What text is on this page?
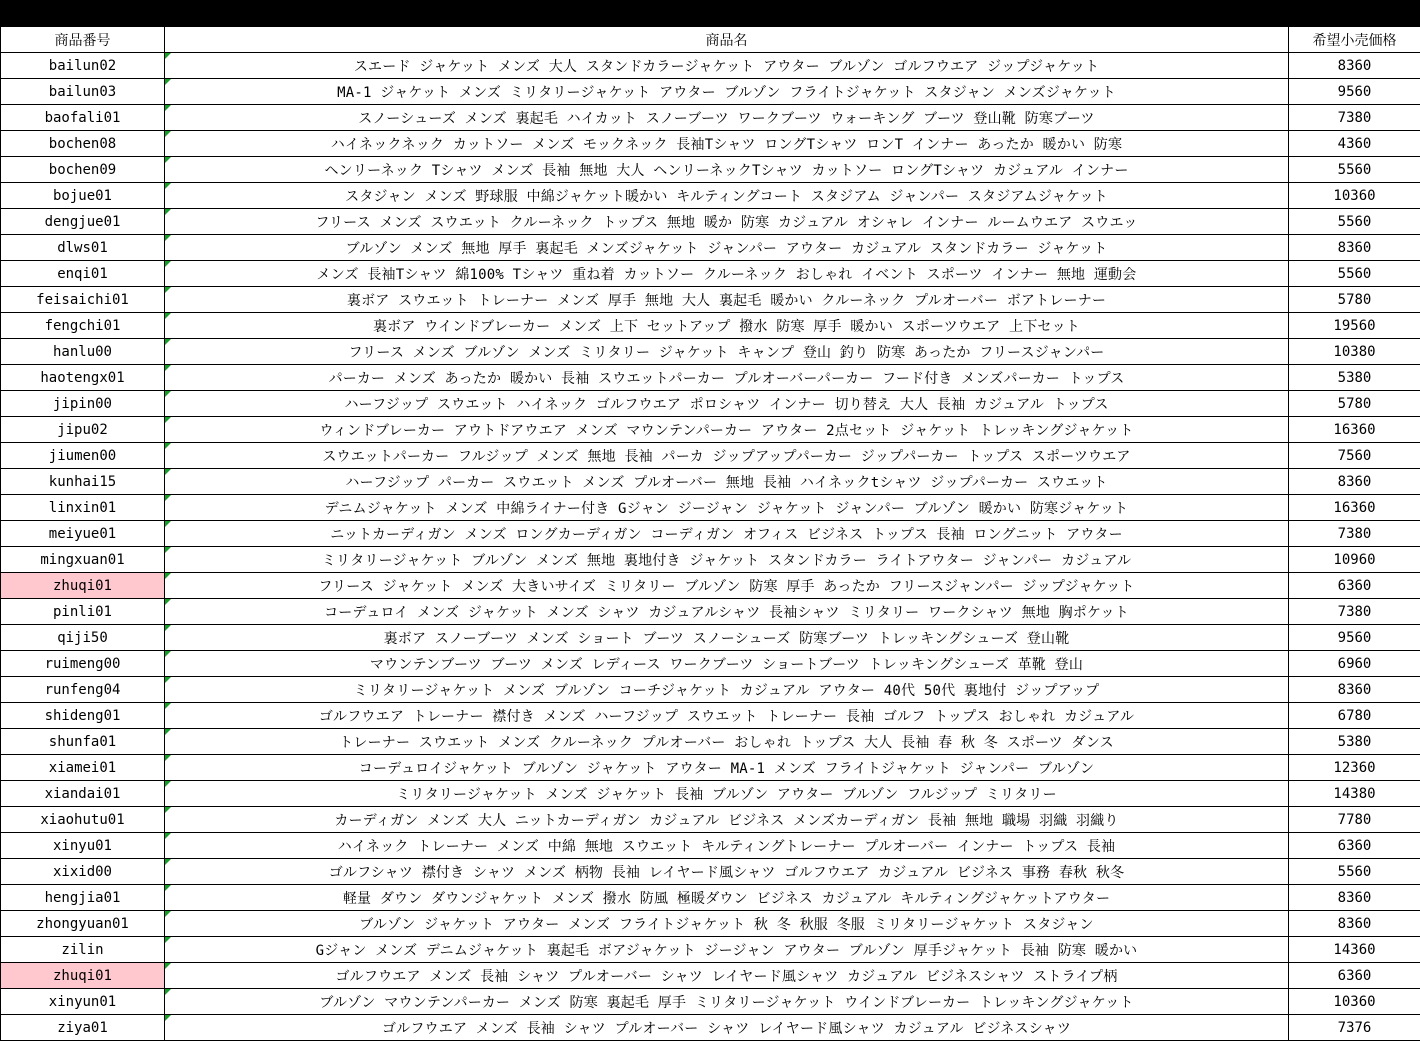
商品カタログ		
商品番号	商品名	希望小売価格
bailun02	スエード ジャケット メンズ 大人 スタンドカラージャケット アウター ブルゾン ゴルフウエア ジップジャケット	8360
bailun03	MA-1 ジャケット メンズ ミリタリージャケット アウター ブルゾン フライトジャケット スタジャン メンズジャケット	9560
baofali01	スノーシューズ メンズ 裏起毛 ハイカット スノーブーツ ワークブーツ ウォーキング ブーツ 登山靴 防寒ブーツ	7380
bochen08	ハイネックネック カットソー メンズ モックネック 長袖Tシャツ ロングTシャツ ロンT インナー あったか 暖かい 防寒	4360
bochen09	ヘンリーネック Tシャツ メンズ 長袖 無地 大人 ヘンリーネックTシャツ カットソー ロングTシャツ カジュアル インナー	5560
bojue01	スタジャン メンズ 野球服 中綿ジャケット暖かい キルティングコート スタジアム ジャンパー スタジアムジャケット	10360
dengjue01	フリース メンズ スウエット クルーネック トップス 無地 暖か 防寒 カジュアル オシャレ インナー ルームウエア スウエッ	5560
dlws01	ブルゾン メンズ 無地 厚手 裏起毛 メンズジャケット ジャンパー アウター カジュアル スタンドカラー ジャケット	8360
enqi01	メンズ 長袖Tシャツ 綿100% Tシャツ 重ね着 カットソー クルーネック おしゃれ イベント スポーツ インナー 無地 運動会	5560
feisaichi01	裏ボア スウエット トレーナー メンズ 厚手 無地 大人 裏起毛 暖かい クルーネック プルオーバー ボアトレーナー	5780
fengchi01	裏ボア ウインドブレーカー メンズ 上下 セットアップ 撥水 防寒 厚手 暖かい スポーツウエア 上下セット	19560
hanlu00	フリース メンズ ブルゾン メンズ ミリタリー ジャケット キャンプ 登山 釣り 防寒 あったか フリースジャンパー	10380
haotengx01	パーカー メンズ あったか 暖かい 長袖 スウエットパーカー プルオーバーパーカー フード付き メンズパーカー トップス	5380
jipin00	ハーフジップ スウエット ハイネック ゴルフウエア ポロシャツ インナー 切り替え 大人 長袖 カジュアル トップス	5780
jipu02	ウィンドブレーカー アウトドアウエア メンズ マウンテンパーカー アウター 2点セット ジャケット トレッキングジャケット	16360
jiumen00	スウエットパーカー フルジップ メンズ 無地 長袖 パーカ ジップアップパーカー ジップパーカー トップス スポーツウエア	7560
kunhai15	ハーフジップ パーカー スウエット メンズ プルオーバー 無地 長袖 ハイネックtシャツ ジップパーカー スウエット	8360
linxin01	デニムジャケット メンズ 中綿ライナー付き Gジャン ジージャン ジャケット ジャンパー ブルゾン 暖かい 防寒ジャケット	16360
meiyue01	ニットカーディガン メンズ ロングカーディガン コーディガン オフィス ビジネス トップス 長袖 ロングニット アウター	7380
mingxuan01	ミリタリージャケット ブルゾン メンズ 無地 裏地付き ジャケット スタンドカラー ライトアウター ジャンパー カジュアル	10960
zhuqi01	フリース ジャケット メンズ 大きいサイズ ミリタリー ブルゾン 防寒 厚手 あったか フリースジャンパー ジップジャケット	6360
pinli01	コーデュロイ メンズ ジャケット メンズ シャツ カジュアルシャツ 長袖シャツ ミリタリー ワークシャツ 無地 胸ポケット	7380
qiji50	裏ボア スノーブーツ メンズ ショート ブーツ スノーシューズ 防寒ブーツ トレッキングシューズ 登山靴	9560
ruimeng00	マウンテンブーツ ブーツ メンズ レディース ワークブーツ ショートブーツ トレッキングシューズ 革靴 登山	6960
runfeng04	ミリタリージャケット メンズ ブルゾン コーチジャケット カジュアル アウター 40代 50代 裏地付 ジップアップ	8360
shideng01	ゴルフウエア トレーナー 襟付き メンズ ハーフジップ スウエット トレーナー 長袖 ゴルフ トップス おしゃれ カジュアル	6780
shunfa01	トレーナー スウエット メンズ クルーネック プルオーバー おしゃれ トップス 大人 長袖 春 秋 冬 スポーツ ダンス	5380
xiamei01	コーデュロイジャケット ブルゾン ジャケット アウター MA-1 メンズ フライトジャケット ジャンパー ブルゾン	12360
xiandai01	ミリタリージャケット メンズ ジャケット 長袖 ブルゾン アウター ブルゾン フルジップ ミリタリー	14380
xiaohutu01	カーディガン メンズ 大人 ニットカーディガン カジュアル ビジネス メンズカーディガン 長袖 無地 職場 羽織 羽織り	7780
xinyu01	ハイネック トレーナー メンズ 中綿 無地 スウエット キルティングトレーナー プルオーバー インナー トップス 長袖	6360
xixid00	ゴルフシャツ 襟付き シャツ メンズ 柄物 長袖 レイヤード風シャツ ゴルフウエア カジュアル ビジネス 事務 春秋 秋冬	5560
hengjia01	軽量 ダウン ダウンジャケット メンズ 撥水 防風 極暖ダウン ビジネス カジュアル キルティングジャケットアウター	8360
zhongyuan01	ブルゾン ジャケット アウター メンズ フライトジャケット 秋 冬 秋服 冬服 ミリタリージャケット スタジャン	8360
zilin	Gジャン メンズ デニムジャケット 裏起毛 ボアジャケット ジージャン アウター ブルゾン 厚手ジャケット 長袖 防寒 暖かい	14360
zhuqi01	ゴルフウエア メンズ 長袖 シャツ プルオーバー シャツ レイヤード風シャツ カジュアル ビジネスシャツ ストライプ柄	6360
xinyun01	ブルゾン マウンテンパーカー メンズ 防寒 裏起毛 厚手 ミリタリージャケット ウインドブレーカー トレッキングジャケット	10360
ziya01	ゴルフウエア メンズ 長袖 シャツ プルオーバー シャツ レイヤード風シャツ カジュアル ビジネスシャツ	7376
